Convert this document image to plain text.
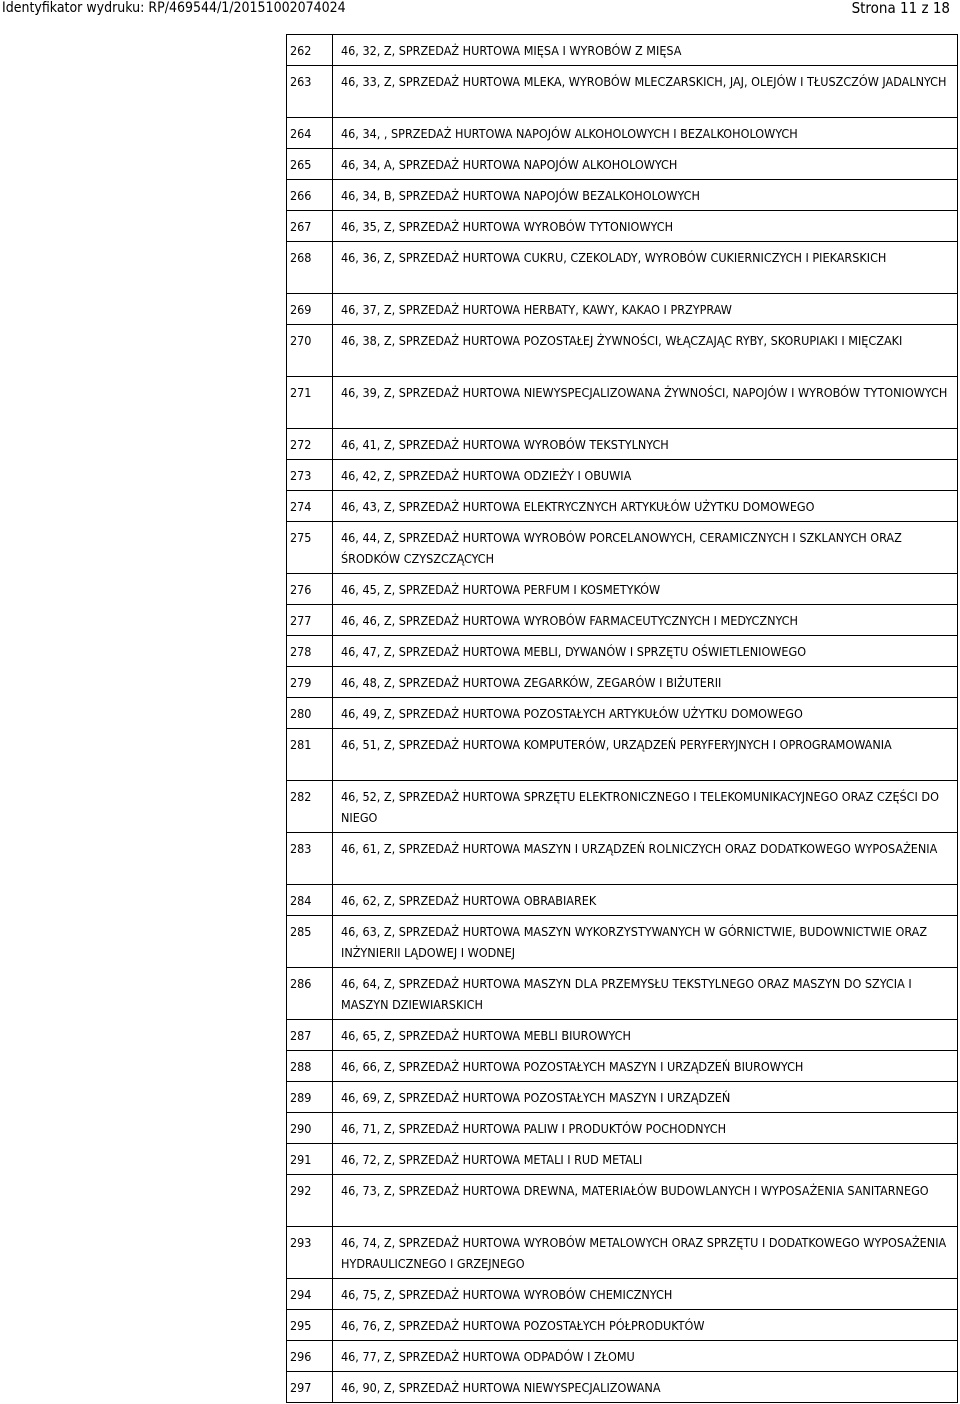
Identyfikator wydruku: RP/469544/1/20151002074024	Strona 11 z 18
262	46, 32, Z, SPRZEDAŻ HURTOWA MIĘSA I WYROBÓW Z MIĘSA
263	46, 33, Z, SPRZEDAŻ HURTOWA MLEKA, WYROBÓW MLECZARSKICH, JAJ, OLEJÓW I TŁUSZCZÓW JADALNYCH
264	46, 34, , SPRZEDAŻ HURTOWA NAPOJÓW ALKOHOLOWYCH I BEZALKOHOLOWYCH
265	46, 34, A, SPRZEDAŻ HURTOWA NAPOJÓW ALKOHOLOWYCH
266	46, 34, B, SPRZEDAŻ HURTOWA NAPOJÓW BEZALKOHOLOWYCH
267	46, 35, Z, SPRZEDAŻ HURTOWA WYROBÓW TYTONIOWYCH
268	46, 36, Z, SPRZEDAŻ HURTOWA CUKRU, CZEKOLADY, WYROBÓW CUKIERNICZYCH I PIEKARSKICH
269	46, 37, Z, SPRZEDAŻ HURTOWA HERBATY, KAWY, KAKAO I PRZYPRAW
270	46, 38, Z, SPRZEDAŻ HURTOWA POZOSTAŁEJ ŻYWNOŚCI, WŁĄCZAJĄC RYBY, SKORUPIAKI I MIĘCZAKI
271	46, 39, Z, SPRZEDAŻ HURTOWA NIEWYSPECJALIZOWANA ŻYWNOŚCI, NAPOJÓW I WYROBÓW TYTONIOWYCH
272	46, 41, Z, SPRZEDAŻ HURTOWA WYROBÓW TEKSTYLNYCH
273	46, 42, Z, SPRZEDAŻ HURTOWA ODZIEŻY I OBUWIA
274	46, 43, Z, SPRZEDAŻ HURTOWA ELEKTRYCZNYCH ARTYKUŁÓW UŻYTKU DOMOWEGO
275	46, 44, Z, SPRZEDAŻ HURTOWA WYROBÓW PORCELANOWYCH, CERAMICZNYCH I SZKLANYCH ORAZ ŚRODKÓW CZYSZCZĄCYCH
276	46, 45, Z, SPRZEDAŻ HURTOWA PERFUM I KOSMETYKÓW
277	46, 46, Z, SPRZEDAŻ HURTOWA WYROBÓW FARMACEUTYCZNYCH I MEDYCZNYCH
278	46, 47, Z, SPRZEDAŻ HURTOWA MEBLI, DYWANÓW I SPRZĘTU OŚWIETLENIOWEGO
279	46, 48, Z, SPRZEDAŻ HURTOWA ZEGARKÓW, ZEGARÓW I BIŻUTERII
280	46, 49, Z, SPRZEDAŻ HURTOWA POZOSTAŁYCH ARTYKUŁÓW UŻYTKU DOMOWEGO
281	46, 51, Z, SPRZEDAŻ HURTOWA KOMPUTERÓW, URZĄDZEŃ PERYFERYJNYCH I OPROGRAMOWANIA
282	46, 52, Z, SPRZEDAŻ HURTOWA SPRZĘTU ELEKTRONICZNEGO I TELEKOMUNIKACYJNEGO ORAZ CZĘŚCI DO NIEGO
283	46, 61, Z, SPRZEDAŻ HURTOWA MASZYN I URZĄDZEŃ ROLNICZYCH ORAZ DODATKOWEGO WYPOSAŻENIA
284	46, 62, Z, SPRZEDAŻ HURTOWA OBRABIAREK
285	46, 63, Z, SPRZEDAŻ HURTOWA MASZYN WYKORZYSTYWANYCH W GÓRNICTWIE, BUDOWNICTWIE ORAZ INŻYNIERII LĄDOWEJ I WODNEJ
286	46, 64, Z, SPRZEDAŻ HURTOWA MASZYN DLA PRZEMYSŁU TEKSTYLNEGO ORAZ MASZYN DO SZYCIA I MASZYN DZIEWIARSKICH
287	46, 65, Z, SPRZEDAŻ HURTOWA MEBLI BIUROWYCH
288	46, 66, Z, SPRZEDAŻ HURTOWA POZOSTAŁYCH MASZYN I URZĄDZEŃ BIUROWYCH
289	46, 69, Z, SPRZEDAŻ HURTOWA POZOSTAŁYCH MASZYN I URZĄDZEŃ
290	46, 71, Z, SPRZEDAŻ HURTOWA PALIW I PRODUKTÓW POCHODNYCH
291	46, 72, Z, SPRZEDAŻ HURTOWA METALI I RUD METALI
292	46, 73, Z, SPRZEDAŻ HURTOWA DREWNA, MATERIAŁÓW BUDOWLANYCH I WYPOSAŻENIA SANITARNEGO
293	46, 74, Z, SPRZEDAŻ HURTOWA WYROBÓW METALOWYCH ORAZ SPRZĘTU I DODATKOWEGO WYPOSAŻENIA HYDRAULICZNEGO I GRZEJNEGO
294	46, 75, Z, SPRZEDAŻ HURTOWA WYROBÓW CHEMICZNYCH
295	46, 76, Z, SPRZEDAŻ HURTOWA POZOSTAŁYCH PÓŁPRODUKTÓW
296	46, 77, Z, SPRZEDAŻ HURTOWA ODPADÓW I ZŁOMU
297	46, 90, Z, SPRZEDAŻ HURTOWA NIEWYSPECJALIZOWANA
